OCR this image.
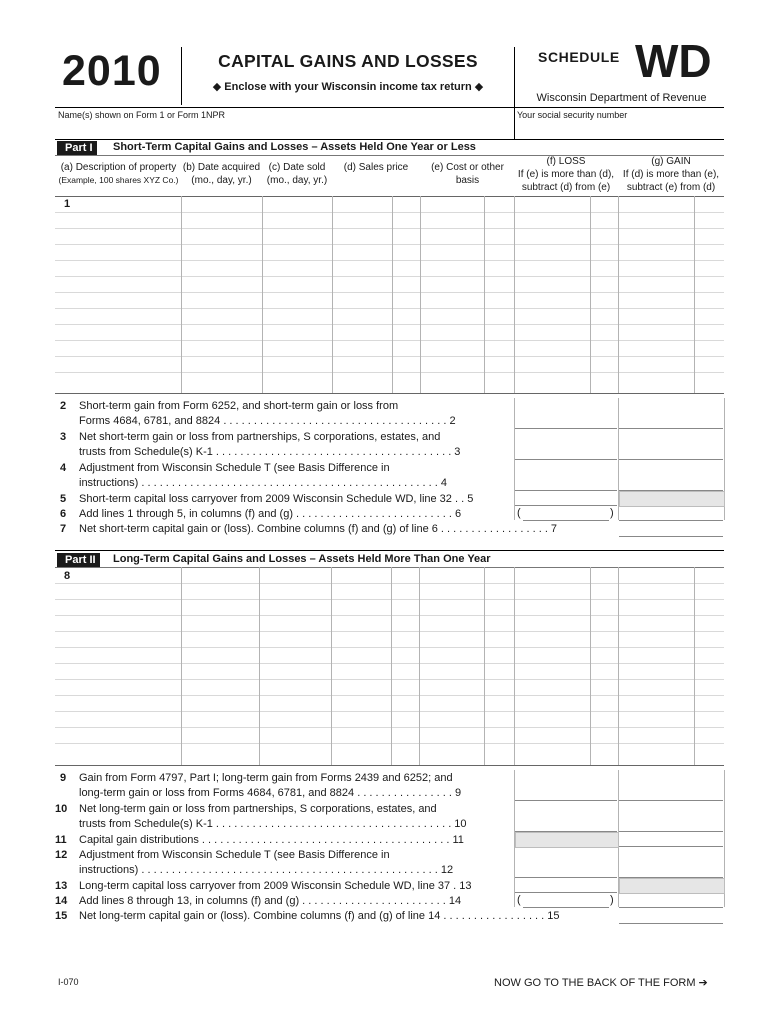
2010	CAPITAL GAINS AND LOSSES
◆ Enclose with your Wisconsin income tax return ◆
SCHEDULE WD
Wisconsin Department of Revenue
Name(s) shown on Form 1 or Form 1NPR	Your social security number
Part I	Short-Term Capital Gains and Losses – Assets Held One Year or Less
(a) Description of property
(Example, 100 shares XYZ Co.)
(b) Date acquired
(mo., day, yr.)
(c) Date sold
(mo., day, yr.)
(d) Sales price	(e) Cost or other
basis
(f) LOSS
If (e) is more than (d),
subtract (d) from (e)
(g) GAIN
If (d) is more than (e),
subtract (e) from (d)
1
2 Short-term gain from Form 6252, and short-term gain or loss from
Forms 4684, 6781, and 8824 . . . . . . . . . . . . . . . . . . . . . . . . . . . . . . . . . . . . . 2
3 Net short-term gain or loss from partnerships, S corporations, estates, and
trusts from Schedule(s) K-1 . . . . . . . . . . . . . . . . . . . . . . . . . . . . . . . . . . . . . . . 3
4 Adjustment from Wisconsin Schedule T (see Basis Difference in
instructions) . . . . . . . . . . . . . . . . . . . . . . . . . . . . . . . . . . . . . . . . . . . . . . . . . 4
5 Short-term capital loss carryover from 2009 Wisconsin Schedule WD, line 32 . . 5
6 Add lines 1 through 5, in columns (f) and (g) . . . . . . . . . . . . . . . . . . . . . . . . . . 6
7 Net short-term capital gain or (loss). Combine columns (f) and (g) of line 6 . . . . . . . . . . . . . . . . . . 7
(	)
Part II	Long-Term Capital Gains and Losses – Assets Held More Than One Year
8
9 Gain from Form 4797, Part I; long-term gain from Forms 2439 and 6252; and
long-term gain or loss from Forms 4684, 6781, and 8824 . . . . . . . . . . . . . . . . 9
10 Net long-term gain or loss from partnerships, S corporations, estates, and
trusts from Schedule(s) K-1 . . . . . . . . . . . . . . . . . . . . . . . . . . . . . . . . . . . . . . . 10
11 Capital gain distributions . . . . . . . . . . . . . . . . . . . . . . . . . . . . . . . . . . . . . . . . . 11
12 Adjustment from Wisconsin Schedule T (see Basis Difference in
instructions) . . . . . . . . . . . . . . . . . . . . . . . . . . . . . . . . . . . . . . . . . . . . . . . . . 12
13 Long-term capital loss carryover from 2009 Wisconsin Schedule WD, line 37 . 13
14 Add lines 8 through 13, in columns (f) and (g) . . . . . . . . . . . . . . . . . . . . . . . . 14
15 Net long-term capital gain or (loss). Combine columns (f) and (g) of line 14 . . . . . . . . . . . . . . . . . 15
(	)
I-070	NOW GO TO THE BACK OF THE FORM ➔
